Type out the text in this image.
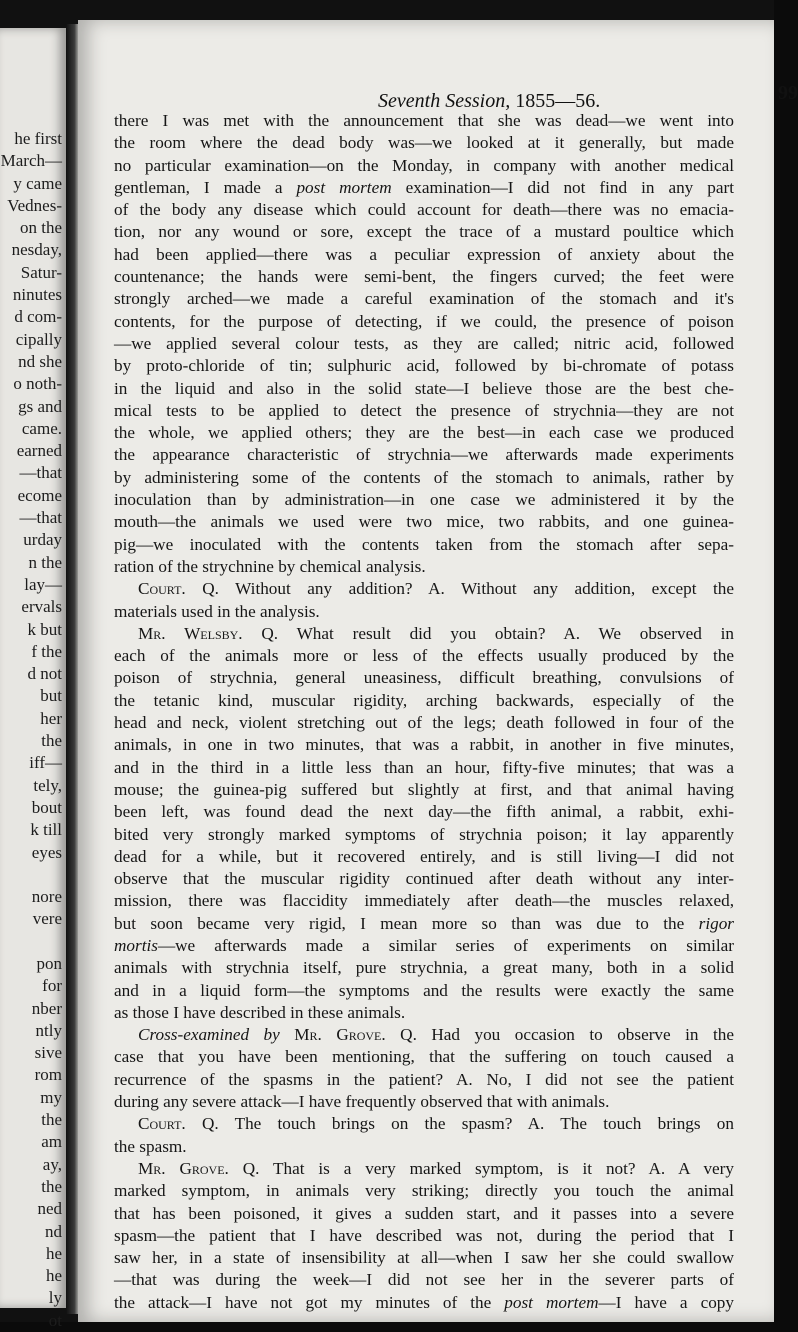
he first
March—
y came
Vednes-
on the
nesday,
Satur-
ninutes
d com-
cipally
nd she
o noth-
gs and
came.
earned
—that
ecome
—that
urday
n the
lay—
ervals
k but
f the
d not
but
her
the
iff—
tely,
bout
k till
eyes
nore
vere
pon
for
nber
ntly
sive
rom
my
the
am
ay,
the
ned
nd
he
he
ly
ot
Seventh Session, 1855—56.	99
there I was met with the announcement that she was dead—we went into
the room where the dead body was—we looked at it generally, but made
no particular examination—on the Monday, in company with another medical
gentleman, I made a post mortem examination—I did not find in any part
of the body any disease which could account for death—there was no emacia-
tion, nor any wound or sore, except the trace of a mustard poultice which
had been applied—there was a peculiar expression of anxiety about the
countenance; the hands were semi-bent, the fingers curved; the feet were
strongly arched—we made a careful examination of the stomach and it's
contents, for the purpose of detecting, if we could, the presence of poison
—we applied several colour tests, as they are called; nitric acid, followed
by proto-chloride of tin; sulphuric acid, followed by bi-chromate of potass
in the liquid and also in the solid state—I believe those are the best che-
mical tests to be applied to detect the presence of strychnia—they are not
the whole, we applied others; they are the best—in each case we produced
the appearance characteristic of strychnia—we afterwards made experiments
by administering some of the contents of the stomach to animals, rather by
inoculation than by administration—in one case we administered it by the
mouth—the animals we used were two mice, two rabbits, and one guinea-
pig—we inoculated with the contents taken from the stomach after sepa-
ration of the strychnine by chemical analysis.
Court. Q. Without any addition? A. Without any addition, except the
materials used in the analysis.
Mr. Welsby. Q. What result did you obtain? A. We observed in
each of the animals more or less of the effects usually produced by the
poison of strychnia, general uneasiness, difficult breathing, convulsions of
the tetanic kind, muscular rigidity, arching backwards, especially of the
head and neck, violent stretching out of the legs; death followed in four of the
animals, in one in two minutes, that was a rabbit, in another in five minutes,
and in the third in a little less than an hour, fifty-five minutes; that was a
mouse; the guinea-pig suffered but slightly at first, and that animal having
been left, was found dead the next day—the fifth animal, a rabbit, exhi-
bited very strongly marked symptoms of strychnia poison; it lay apparently
dead for a while, but it recovered entirely, and is still living—I did not
observe that the muscular rigidity continued after death without any inter-
mission, there was flaccidity immediately after death—the muscles relaxed,
but soon became very rigid, I mean more so than was due to the rigor
mortis—we afterwards made a similar series of experiments on similar
animals with strychnia itself, pure strychnia, a great many, both in a solid
and in a liquid form—the symptoms and the results were exactly the same
as those I have described in these animals.
Cross-examined by Mr. Grove. Q. Had you occasion to observe in the
case that you have been mentioning, that the suffering on touch caused a
recurrence of the spasms in the patient? A. No, I did not see the patient
during any severe attack—I have frequently observed that with animals.
Court. Q. The touch brings on the spasm? A. The touch brings on
the spasm.
Mr. Grove. Q. That is a very marked symptom, is it not? A. A very
marked symptom, in animals very striking; directly you touch the animal
that has been poisoned, it gives a sudden start, and it passes into a severe
spasm—the patient that I have described was not, during the period that I
saw her, in a state of insensibility at all—when I saw her she could swallow
—that was during the week—I did not see her in the severer parts of
the attack—I have not got my minutes of the post mortem—I have a copy
